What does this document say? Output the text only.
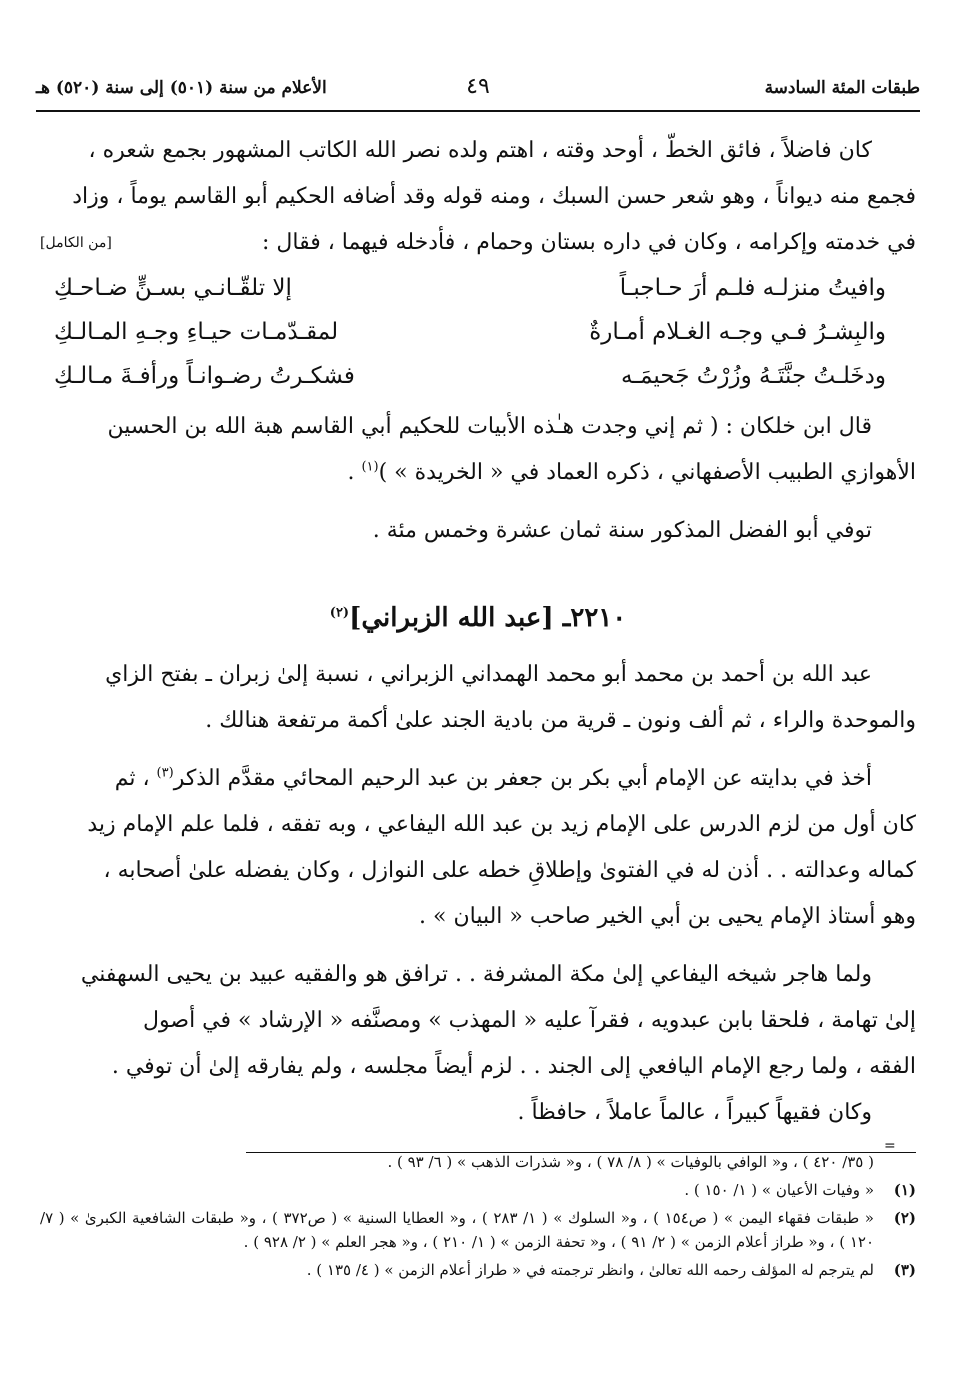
طبقات المئة السادسة
٤٩
الأعلام من سنة (٥٠١) إلى سنة (٥٢٠) هـ

كان فاضلاً ، فائق الخطّ ، أوحد وقته ، اهتم ولده نصر الله الكاتب المشهور بجمع شعره ،

فجمع منه ديواناً ، وهو شعر حسن السبك ، ومنه قوله وقد أضافه الحكيم أبو القاسم يوماً ، وزاد

في خدمته وإكرامه ، وكان في داره بستان وحمام ، فأدخله فيهما ، فقال :
[من الكامل]
وافيتُ منزلـه فلـم أرَ حـاجبـاً
إلا تلقّـانـي بسـنٍّ ضـاحـكِ
والبِشـرُ فـي وجـه الغـلام أمـارةٌ
لمقـدّمـات حيـاءِ وجـهِ المـالـكِ
ودخَلـتُ جنَّتَـهُ وزُرْتُ جَحيمَـه
فشكـرتُ رضـوانـاً ورأفـةَ مـالـكِ

قال ابن خلكان : ( ثم إني وجدت هـٰذه الأبيات للحكيم أبي القاسم هبة الله بن الحسين

الأهوازي الطبيب الأصفهاني ، ذكره العماد في « الخريدة » )$^{(١)}$ .

توفي أبو الفضل المذكور سنة ثمان عشرة وخمس مئة .

٢٢١٠ـ [عبد الله الزبراني]$^{(٢)}$

عبد الله بن أحمد بن محمد أبو محمد الهمداني الزبراني ، نسبة إلىٰ زبران ـ بفتح الزاي

والموحدة والراء ، ثم ألف ونون ـ قرية من بادية الجند علىٰ أكمة مرتفعة هنالك .

أخذ في بدايته عن الإمام أبي بكر بن جعفر بن عبد الرحيم المحائي مقدَّم الذكر$^{(٣)}$ ، ثم

كان أول من لزم الدرس على الإمام زيد بن عبد الله اليفاعي ، وبه تفقه ، فلما علم الإمام زيد

كماله وعدالته . . أذن له في الفتوىٰ وإطلاقِ خطه على النوازل ، وكان يفضله علىٰ أصحابه ،

وهو أستاذ الإمام يحيى بن أبي الخير صاحب « البيان » .

ولما هاجر شيخه اليفاعي إلىٰ مكة المشرفة . . ترافق هو والفقيه عبيد بن يحيى السهفني

إلىٰ تهامة ، فلحقا بابن عبدويه ، فقرآ عليه « المهذب » ومصنَّفه « الإرشاد » في أصول

الفقه ، ولما رجع الإمام اليافعي إلى الجند . . لزم أيضاً مجلسه ، ولم يفارقه إلىٰ أن توفي .

وكان فقيهاً كبيراً ، عالماً عاملاً ، حافظاً .

=
( ٣٥/ ٤٢٠ ) ، و« الوافي بالوفيات » ( ٨/ ٧٨ ) ، و« شذرات الذهب » ( ٦/ ٩٣ ) .
(١)
« وفيات الأعيان » ( ١/ ١٥٠ ) .
(٢)
« طبقات فقهاء اليمن » ( ص١٥٤ ) ، و« السلوك » ( ١/ ٢٨٣ ) ، و« العطايا السنية » ( ص٣٧٢ ) ، و« طبقات الشافعية الكبرىٰ » ( ٧/ ١٢٠ ) ، و« طراز أعلام الزمن » ( ٢/ ٩١ ) ، و« تحفة الزمن » ( ١/ ٢١٠ ) ، و« هجر العلم » ( ٢/ ٩٢٨ ) .
(٣)
لم يترجم له المؤلف رحمه الله تعالىٰ ، وانظر ترجمته في « طراز أعلام الزمن » ( ٤/ ١٣٥ ) .
